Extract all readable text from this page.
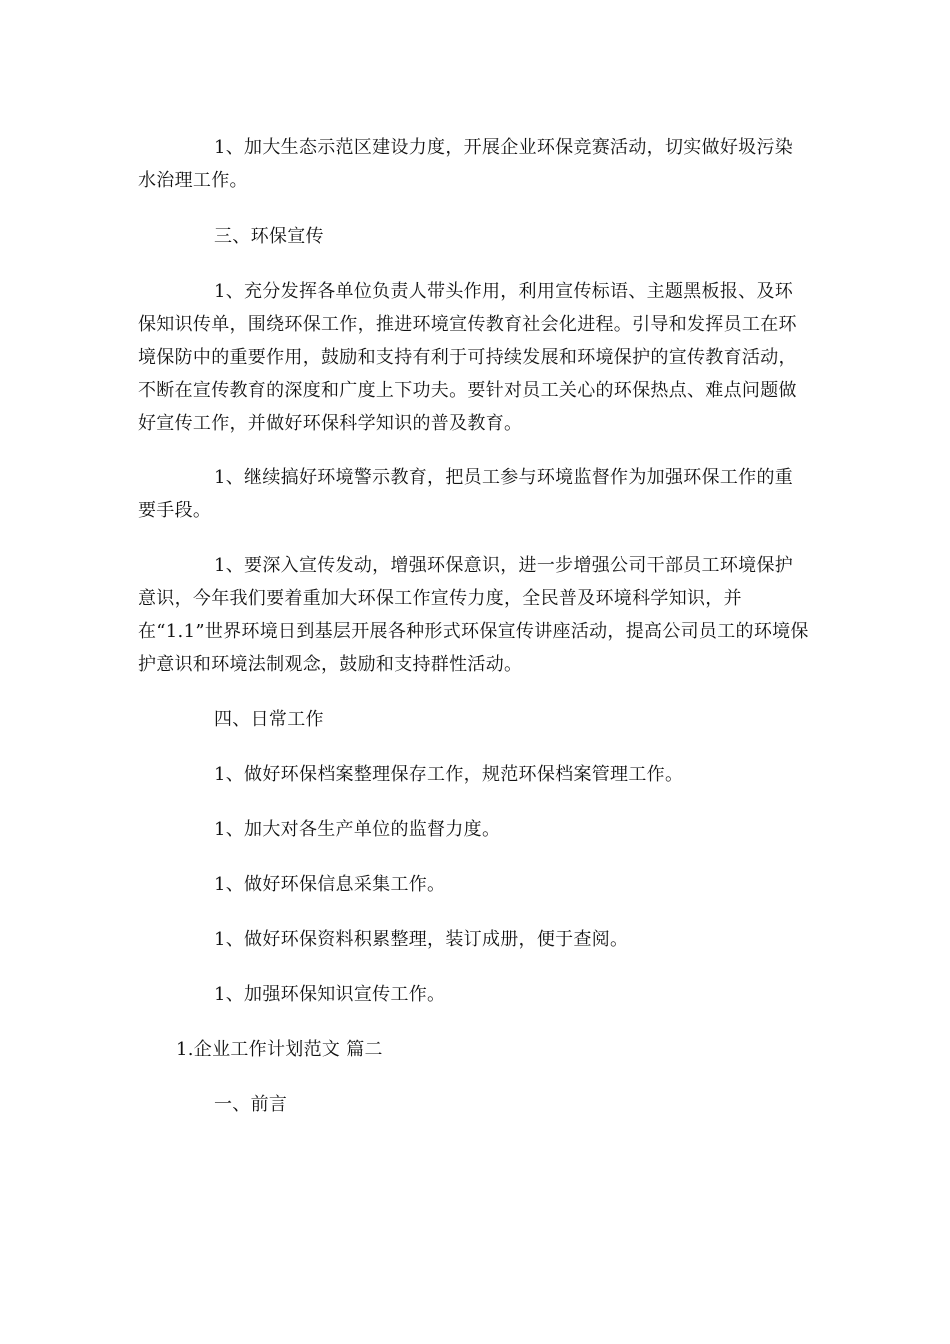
1、加大生态示范区建设力度，开展企业环保竞赛活动，切实做好圾污染水治理工作。

三、环保宣传

1、充分发挥各单位负责人带头作用，利用宣传标语、主题黑板报、及环保知识传单，围绕环保工作，推进环境宣传教育社会化进程。引导和发挥员工在环境保防中的重要作用，鼓励和支持有利于可持续发展和环境保护的宣传教育活动，不断在宣传教育的深度和广度上下功夫。要针对员工关心的环保热点、难点问题做好宣传工作，并做好环保科学知识的普及教育。

1、继续搞好环境警示教育，把员工参与环境监督作为加强环保工作的重要手段。

1、要深入宣传发动，增强环保意识，进一步增强公司干部员工环境保护意识，今年我们要着重加大环保工作宣传力度，全民普及环境科学知识，并在“1.1”世界环境日到基层开展各种形式环保宣传讲座活动，提高公司员工的环境保护意识和环境法制观念，鼓励和支持群性活动。

四、日常工作

1、做好环保档案整理保存工作，规范环保档案管理工作。

1、加大对各生产单位的监督力度。

1、做好环保信息采集工作。

1、做好环保资料积累整理，装订成册，便于查阅。

1、加强环保知识宣传工作。

1.企业工作计划范文 篇二

一、前言
